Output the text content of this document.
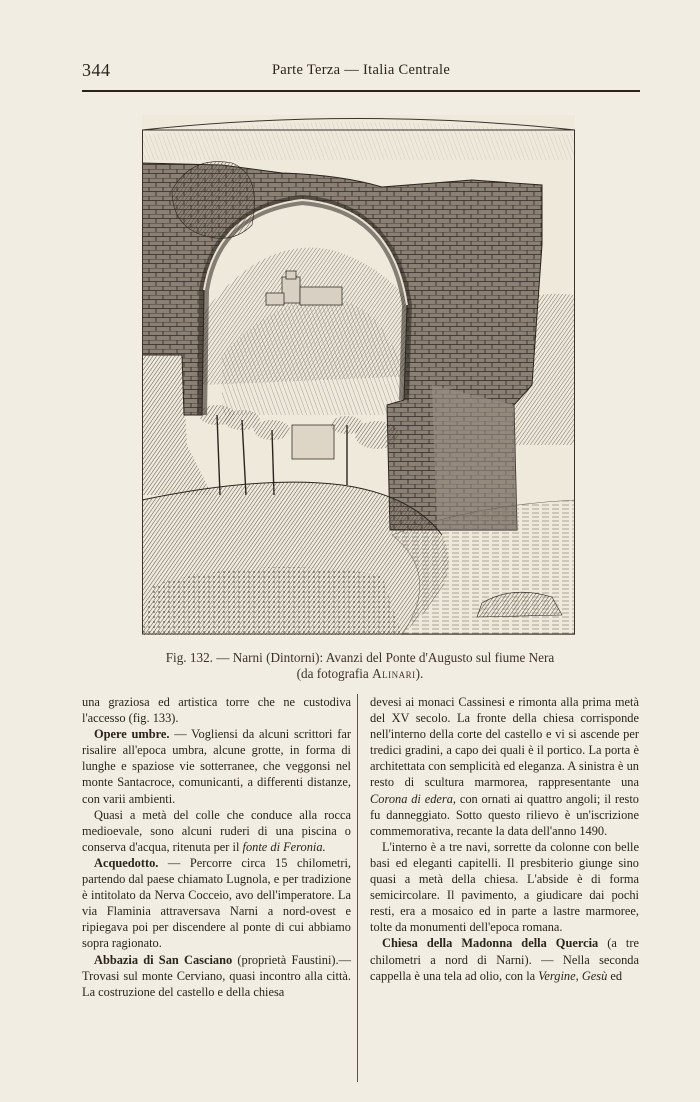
344	Parte Terza — Italia Centrale
Fig. 132. — Narni (Dintorni): Avanzi del Ponte d'Augusto sul fiume Nera
(da fotografia Alinari).

una graziosa ed artistica torre che ne custodiva l'accesso (fig. 133).

Opere umbre. — Vogliensi da alcuni scrittori far risalire all'epoca umbra, alcune grotte, in forma di lunghe e spaziose vie sotterranee, che veggonsi nel monte Santacroce, comunicanti, a differenti distanze, con varii ambienti.

Quasi a metà del colle che conduce alla rocca medioevale, sono alcuni ruderi di una piscina o conserva d'acqua, ritenuta per il fonte di Feronia.

Acquedotto. — Percorre circa 15 chilometri, partendo dal paese chiamato Lugnola, e per tradizione è intitolato da Nerva Cocceio, avo dell'imperatore. La via Flaminia attraversava Narni a nord-ovest e ripiegava poi per discendere al ponte di cui abbiamo sopra ragionato.

Abbazia di San Casciano (proprietà Faustini).— Trovasi sul monte Cerviano, quasi incontro alla città. La costruzione del castello e della chiesa

devesi ai monaci Cassinesi e rimonta alla prima metà del XV secolo. La fronte della chiesa corrisponde nell'interno della corte del castello e vi si ascende per tredici gradini, a capo dei quali è il portico. La porta è architettata con semplicità ed eleganza. A sinistra è un resto di scultura marmorea, rappresentante una Corona di edera, con ornati ai quattro angoli; il resto fu danneggiato. Sotto questo rilievo è un'iscrizione commemorativa, recante la data dell'anno 1490.

L'interno è a tre navi, sorrette da colonne con belle basi ed eleganti capitelli. Il presbiterio giunge sino quasi a metà della chiesa. L'abside è di forma semicircolare. Il pavimento, a giudicare dai pochi resti, era a mosaico ed in parte a lastre marmoree, tolte da monumenti dell'epoca romana.

Chiesa della Madonna della Quercia (a tre chilometri a nord di Narni). — Nella seconda cappella è una tela ad olio, con la Vergine, Gesù ed
